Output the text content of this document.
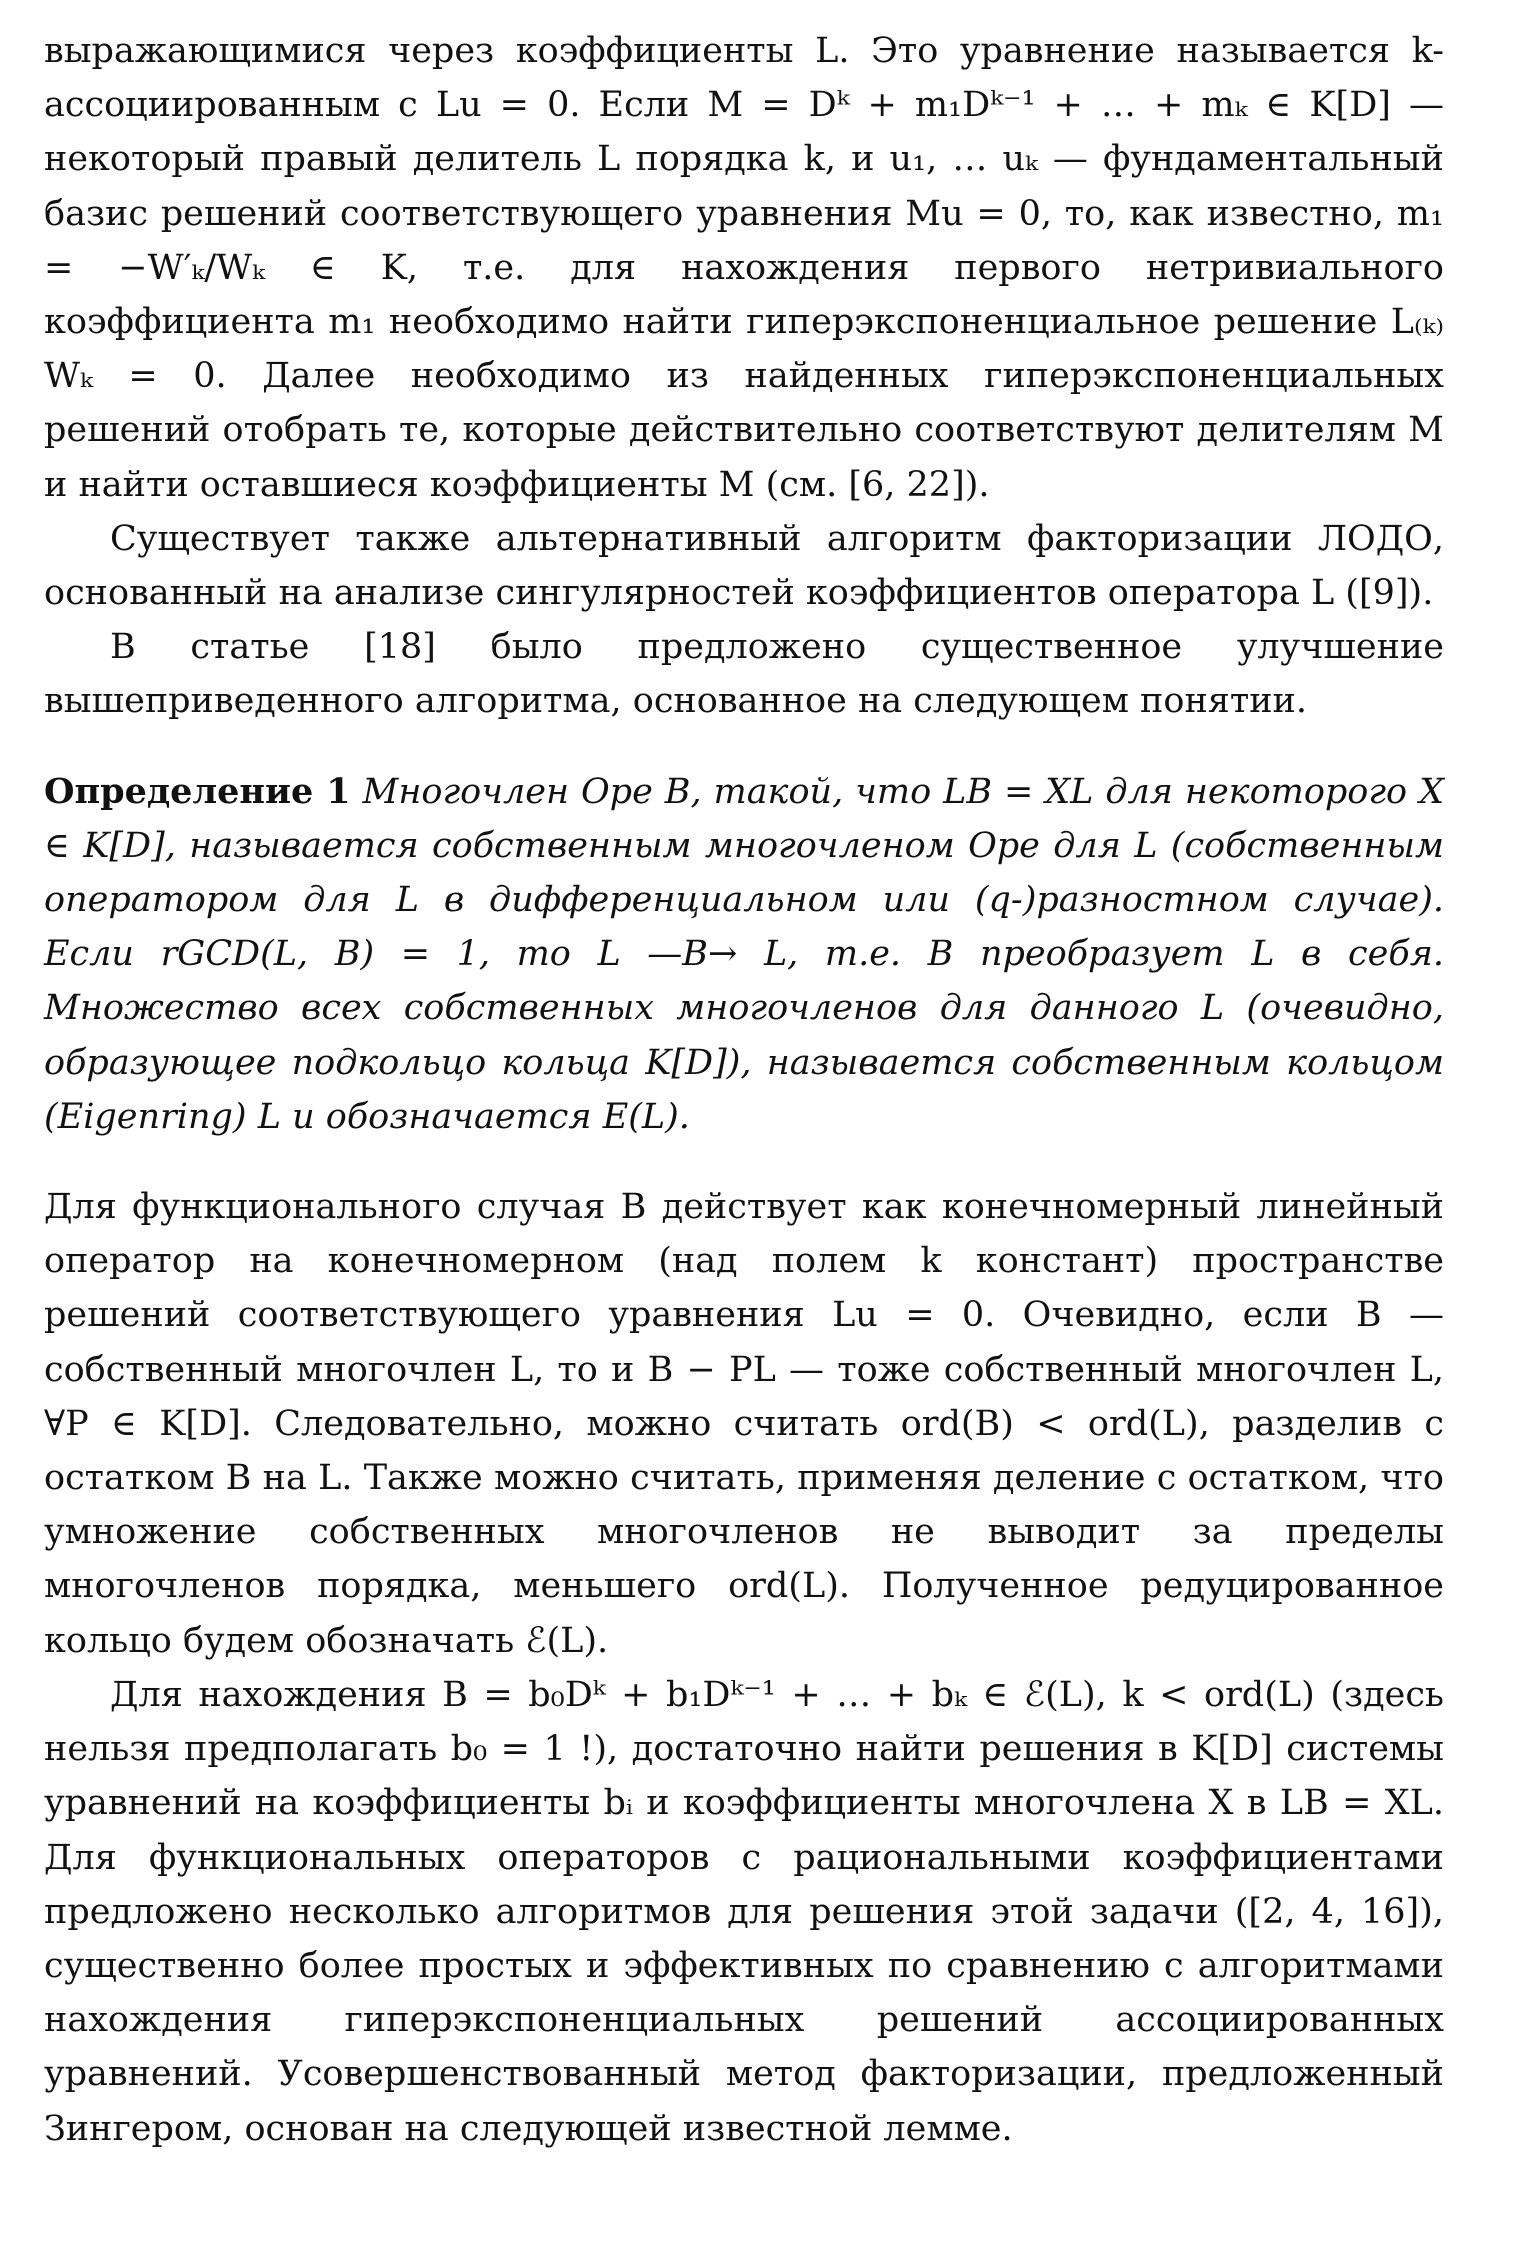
выражающимися через коэффициенты L. Это уравнение называется k-ассоциированным с Lu = 0. Если M = Dᵏ + m₁Dᵏ⁻¹ + … + mₖ ∈ K[D] — некоторый правый делитель L порядка k, и u₁, … uₖ — фундаментальный базис решений соответствующего уравнения Mu = 0, то, как известно, m₁ = −W′ₖ/Wₖ ∈ K, т.е. для нахождения первого нетривиального коэффициента m₁ необходимо найти гиперэкспоненциальное решение L₍ₖ₎Wₖ = 0. Далее необходимо из найденных гиперэкспоненциальных решений отобрать те, которые действительно соответствуют делителям M и найти оставшиеся коэффициенты M (см. [6, 22]).

Существует также альтернативный алгоритм факторизации ЛОДО, основанный на анализе сингулярностей коэффициентов оператора L ([9]).

В статье [18] было предложено существенное улучшение вышеприведенного алгоритма, основанное на следующем понятии.

Определение 1 Многочлен Оре B, такой, что LB = XL для некоторого X ∈ K[D], называется собственным многочленом Оре для L (собственным оператором для L в дифференциальном или (q-)разностном случае). Если rGCD(L, B) = 1, то L —B→ L, т.е. B преобразует L в себя. Множество всех собственных многочленов для данного L (очевидно, образующее подкольцо кольца K[D]), называется собственным кольцом (Eigenring) L и обозначается E(L).

Для функционального случая B действует как конечномерный линейный оператор на конечномерном (над полем k констант) пространстве решений соответствующего уравнения Lu = 0. Очевидно, если B — собственный многочлен L, то и B − PL — тоже собственный многочлен L, ∀P ∈ K[D]. Следовательно, можно считать ord(B) < ord(L), разделив с остатком B на L. Также можно считать, применяя деление с остатком, что умножение собственных многочленов не выводит за пределы многочленов порядка, меньшего ord(L). Полученное редуцированное кольцо будем обозначать ℰ(L).

Для нахождения B = b₀Dᵏ + b₁Dᵏ⁻¹ + … + bₖ ∈ ℰ(L), k < ord(L) (здесь нельзя предполагать b₀ = 1 !), достаточно найти решения в K[D] системы уравнений на коэффициенты bᵢ и коэффициенты многочлена X в LB = XL. Для функциональных операторов с рациональными коэффициентами предложено несколько алгоритмов для решения этой задачи ([2, 4, 16]), существенно более простых и эффективных по сравнению с алгоритмами нахождения гиперэкспоненциальных решений ассоциированных уравнений. Усовершенствованный метод факторизации, предложенный Зингером, основан на следующей известной лемме.
